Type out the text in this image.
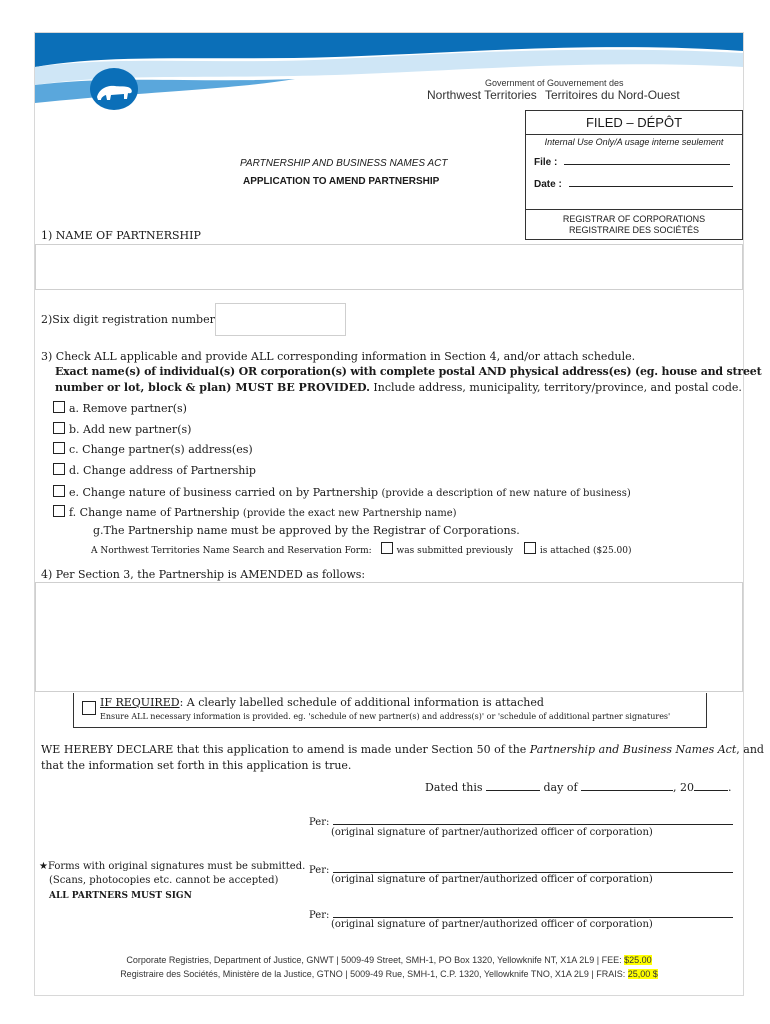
Government of
Northwest Territories
Gouvernement des
Territoires du Nord-Ouest
FILED – DÉPÔT
Internal Use Only/A usage interne seulement
File :
Date :
REGISTRAR OF CORPORATIONS
REGISTRAIRE DES SOCIÉTÉS
PARTNERSHIP AND BUSINESS NAMES ACT
APPLICATION TO AMEND PARTNERSHIP
1) NAME OF PARTNERSHIP
2)Six digit registration number
3) Check ALL applicable and provide ALL corresponding information in Section 4, and/or attach schedule.
Exact name(s) of individual(s) OR corporation(s) with complete postal AND physical address(es) (eg. house and street
number or lot, block & plan) MUST BE PROVIDED. Include address, municipality, territory/province, and postal code.
a. Remove partner(s)
b. Add new partner(s)
c. Change partner(s) address(es)
d. Change address of Partnership
e. Change nature of business carried on by Partnership (provide a description of new nature of business)
f. Change name of Partnership (provide the exact new Partnership name)
g.The Partnership name must be approved by the Registrar of Corporations.
A Northwest Territories Name Search and Reservation Form:	was submitted previously	is attached ($25.00)
4) Per Section 3, the Partnership is AMENDED as follows:
IF REQUIRED: A clearly labelled schedule of additional information is attached
Ensure ALL necessary information is provided. eg. 'schedule of new partner(s) and address(s)' or 'schedule of additional partner signatures'
WE HEREBY DECLARE that this application to amend is made under Section 50 of the Partnership and Business Names Act, and
that the information set forth in this application is true.
Dated this	day of	, 20	.
Per:
(original signature of partner/authorized officer of corporation)
★Forms with original signatures must be submitted.
(Scans, photocopies etc. cannot be accepted)
ALL PARTNERS MUST SIGN
Per:
(original signature of partner/authorized officer of corporation)
Per:
(original signature of partner/authorized officer of corporation)
Corporate Registries, Department of Justice, GNWT | 5009-49 Street, SMH-1, PO Box 1320, Yellowknife NT, X1A 2L9 | FEE: $25.00
Registraire des Sociétés, Ministère de la Justice, GTNO | 5009-49 Rue, SMH-1, C.P. 1320, Yellowknife TNO, X1A 2L9 | FRAIS: 25,00 $
